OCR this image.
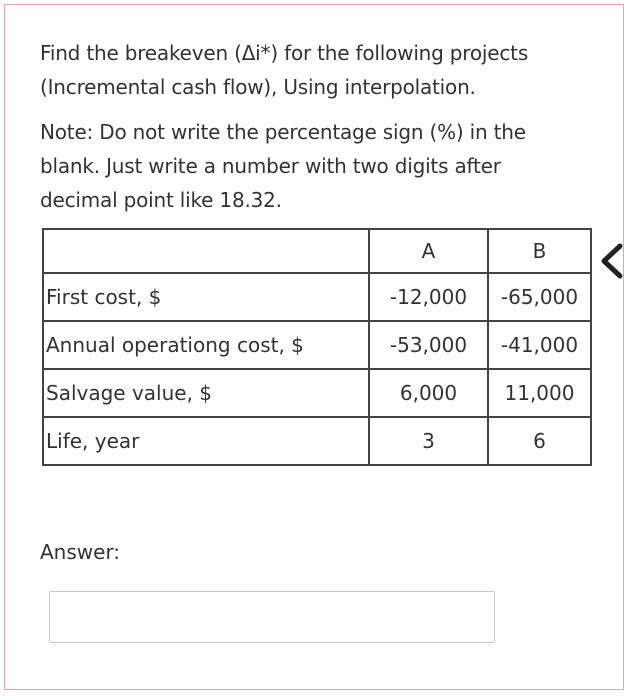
Find the breakeven (Δi*) for the following projects
(Incremental cash flow), Using interpolation.
Note: Do not write the percentage sign (%) in the
blank. Just write a number with two digits after
decimal point like 18.32.
	A	B
First cost, $	-12,000	-65,000
Annual operationg cost, $	-53,000	-41,000
Salvage value, $	6,000	11,000
Life, year	3	6
Answer:
